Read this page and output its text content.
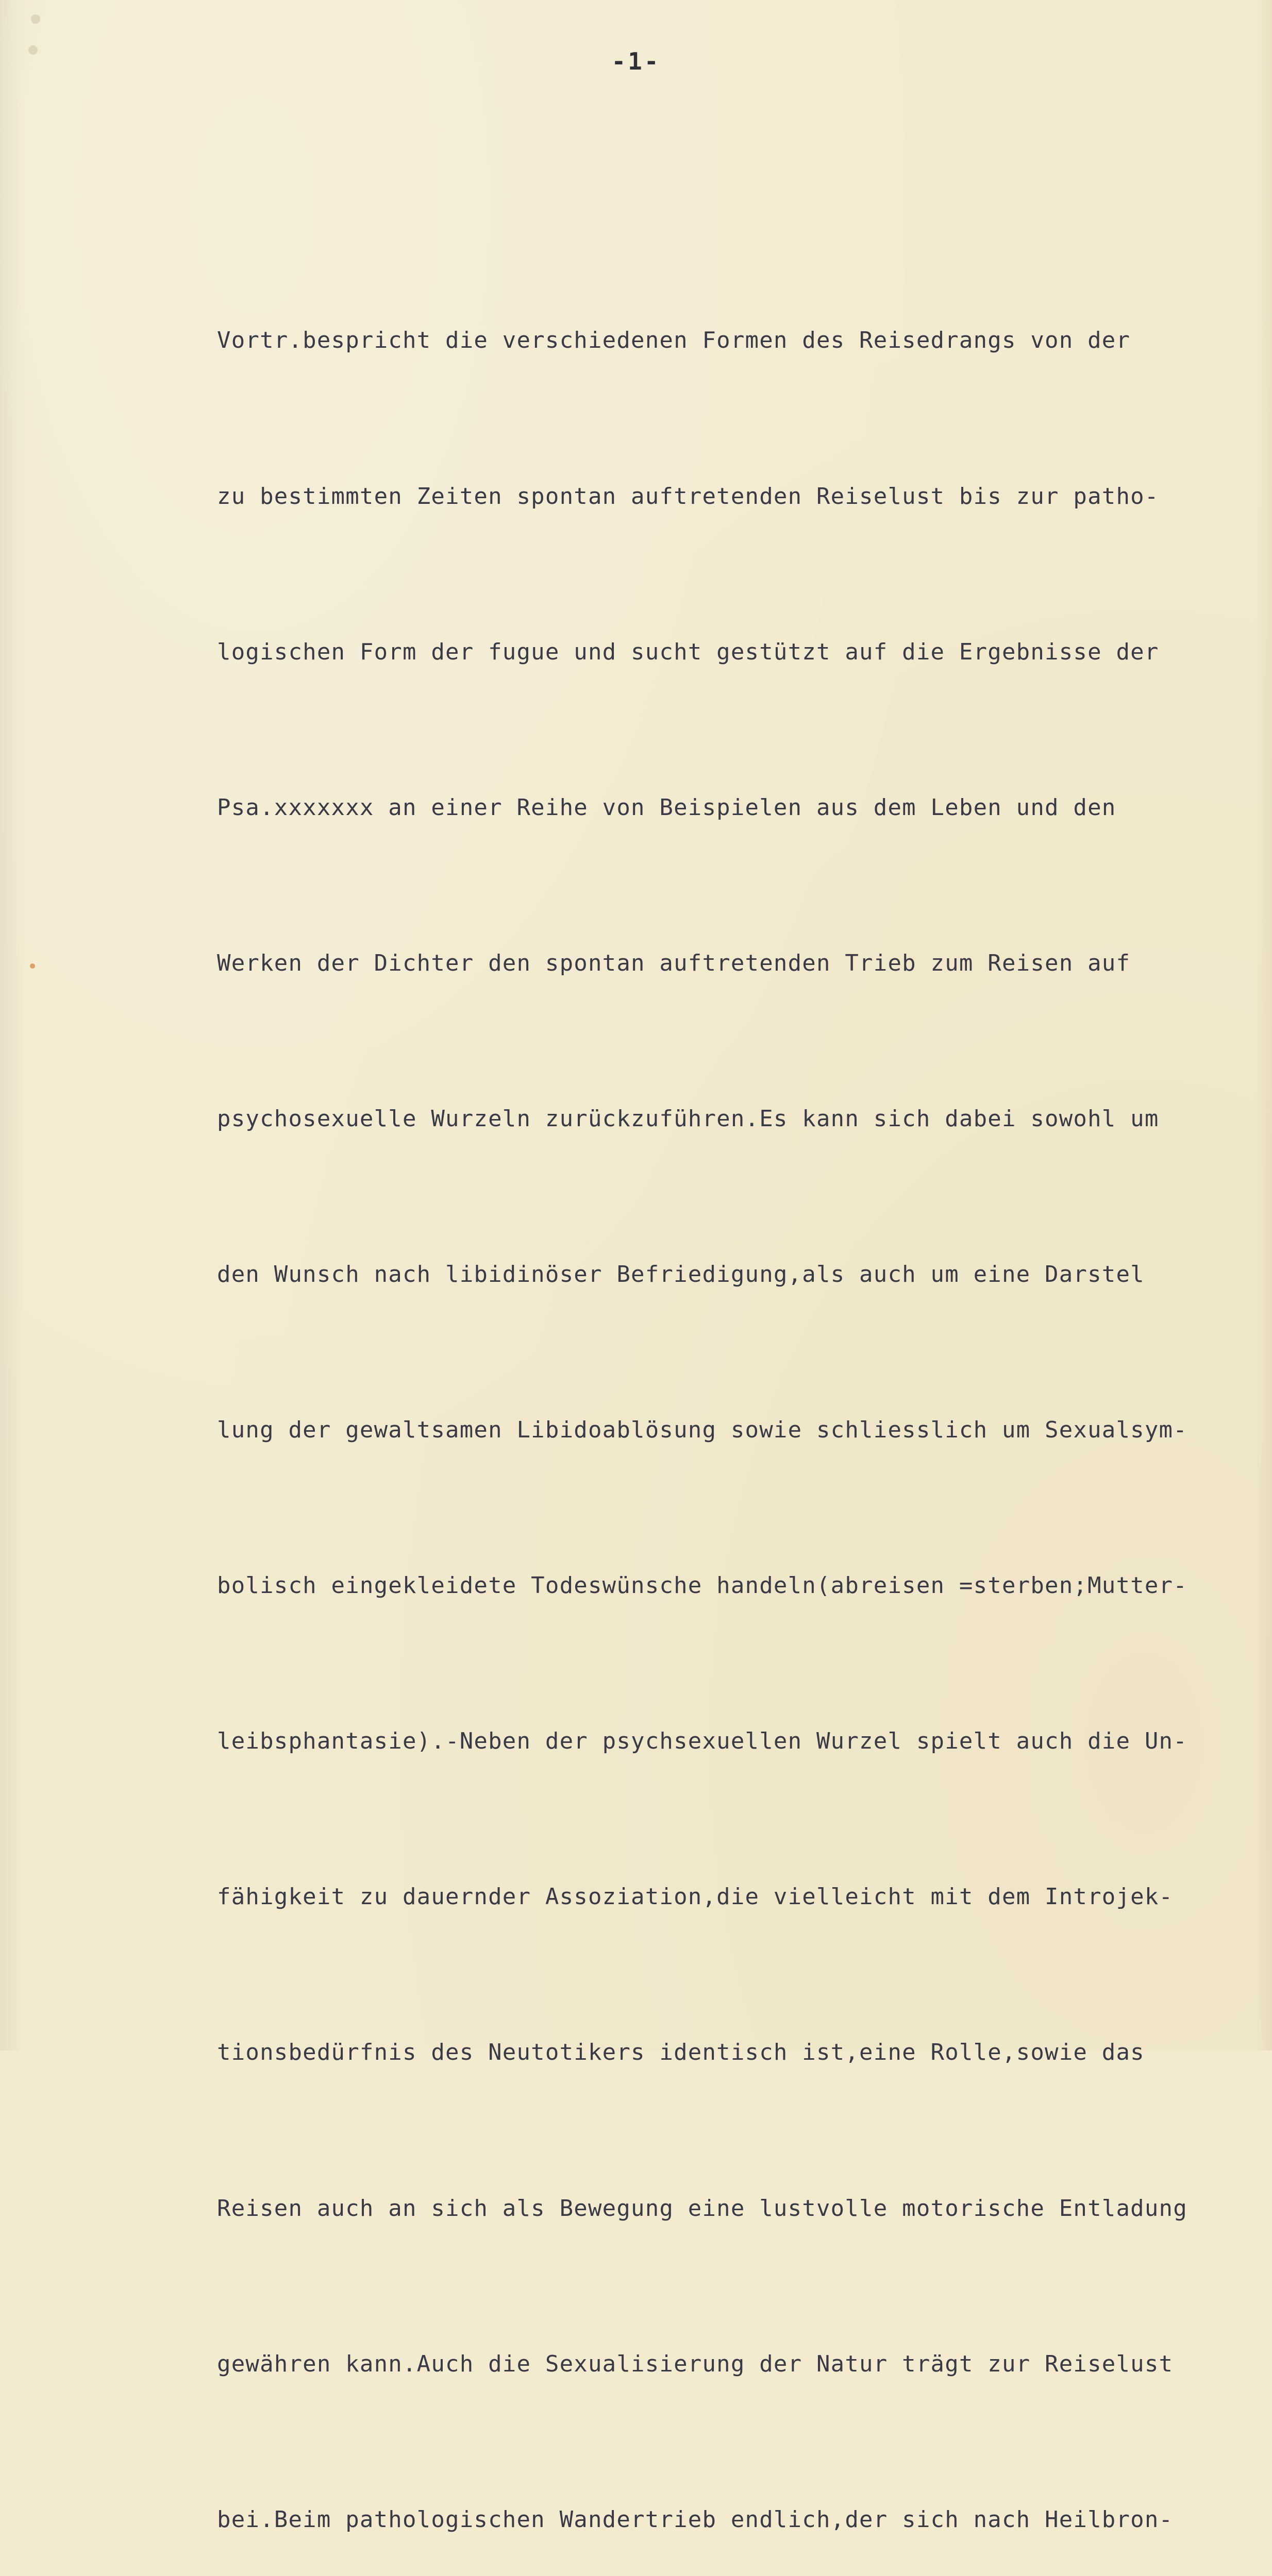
-1-

Vortr.bespricht die verschiedenen Formen des Reisedrangs von der

zu bestimmten Zeiten spontan auftretenden Reiselust bis zur patho-

logischen Form der fugue und sucht gestützt auf die Ergebnisse der

Psa.xxxxxxx an einer Reihe von Beispielen aus dem Leben und den

Werken der Dichter den spontan auftretenden Trieb zum Reisen auf

psychosexuelle Wurzeln zurückzuführen.Es kann sich dabei sowohl um

den Wunsch nach libidinöser Befriedigung,als auch um eine Darstel

lung der gewaltsamen Libidoablösung sowie schliesslich um Sexualsym-

bolisch eingekleidete Todeswünsche handeln(abreisen =sterben;Mutter-

leibsphantasie).-Neben der psychsexuellen Wurzel spielt auch die Un-

fähigkeit zu dauernder Assoziation,die vielleicht mit dem Introjek-

tionsbedürfnis des Neutotikers identisch ist,eine Rolle,sowie das

Reisen auch an sich als Bewegung eine lustvolle motorische Entladung

gewähren kann.Auch die Sexualisierung der Natur trägt zur Reiselust

bei.Beim pathologischen Wandertrieb endlich,der sich nach Heilbron-
